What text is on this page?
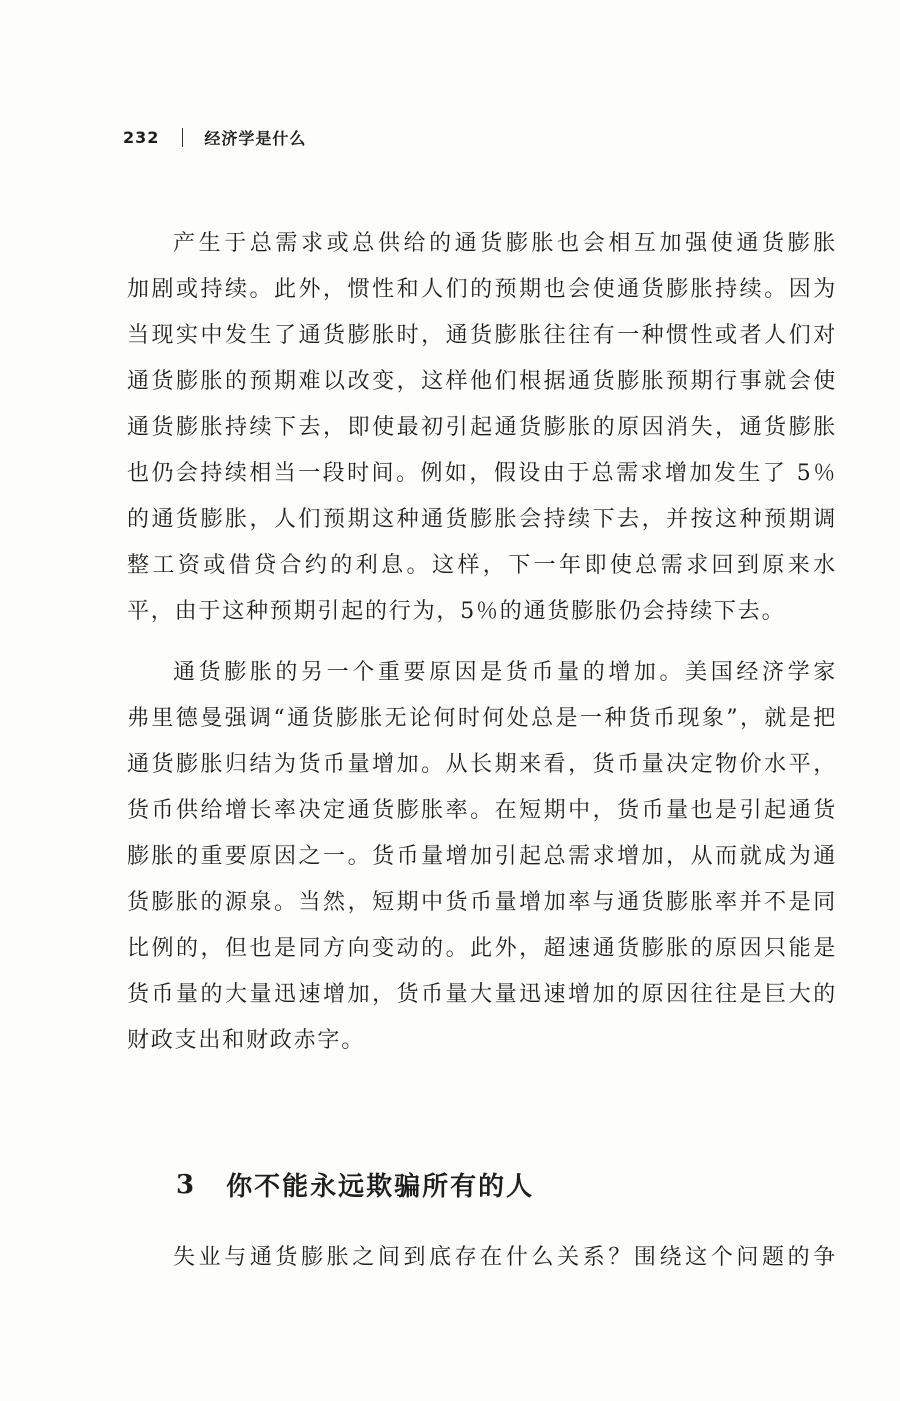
232	经济学是什么
产生于总需求或总供给的通货膨胀也会相互加强使通货膨胀
加剧或持续。此外，惯性和人们的预期也会使通货膨胀持续。因为
当现实中发生了通货膨胀时，通货膨胀往往有一种惯性或者人们对
通货膨胀的预期难以改变，这样他们根据通货膨胀预期行事就会使
通货膨胀持续下去，即使最初引起通货膨胀的原因消失，通货膨胀
也仍会持续相当一段时间。例如，假设由于总需求增加发生了 5％
的通货膨胀，人们预期这种通货膨胀会持续下去，并按这种预期调
整工资或借贷合约的利息。这样，下一年即使总需求回到原来水
平，由于这种预期引起的行为，5％的通货膨胀仍会持续下去。
通货膨胀的另一个重要原因是货币量的增加。美国经济学家
弗里德曼强调“通货膨胀无论何时何处总是一种货币现象”，就是把
通货膨胀归结为货币量增加。从长期来看，货币量决定物价水平，
货币供给增长率决定通货膨胀率。在短期中，货币量也是引起通货
膨胀的重要原因之一。货币量增加引起总需求增加，从而就成为通
货膨胀的源泉。当然，短期中货币量增加率与通货膨胀率并不是同
比例的，但也是同方向变动的。此外，超速通货膨胀的原因只能是
货币量的大量迅速增加，货币量大量迅速增加的原因往往是巨大的
财政支出和财政赤字。
3 你不能永远欺骗所有的人
失业与通货膨胀之间到底存在什么关系？围绕这个问题的争
